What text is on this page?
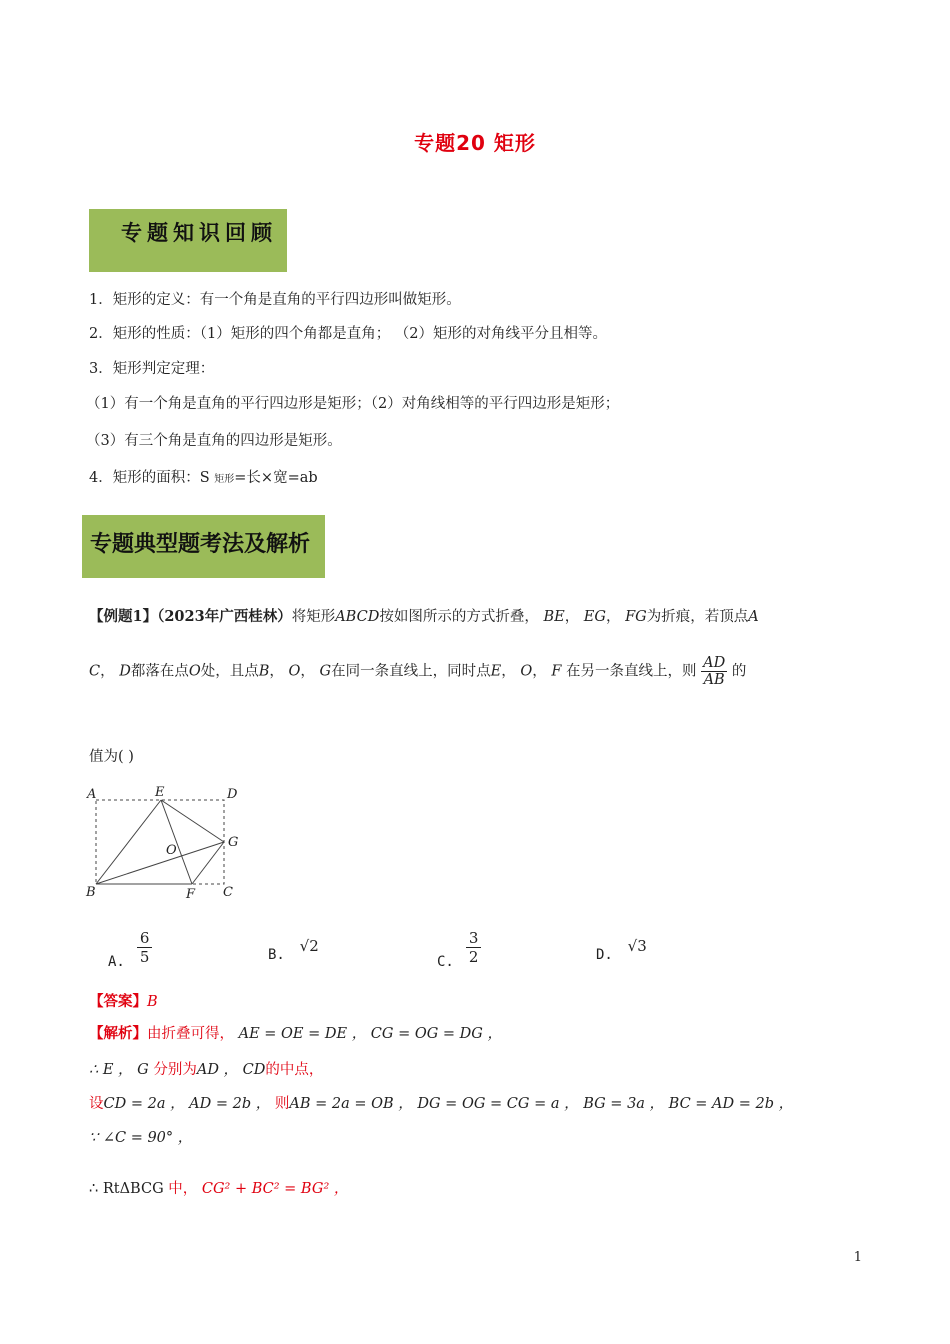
专题20 矩形
专题知识回顾
1．矩形的定义：有一个角是直角的平行四边形叫做矩形。
2．矩形的性质：（1）矩形的四个角都是直角； （2）矩形的对角线平分且相等。
3．矩形判定定理：
（1）有一个角是直角的平行四边形是矩形；（2）对角线相等的平行四边形是矩形；
（3）有三个角是直角的四边形是矩形。
4．矩形的面积：S 矩形=长×宽=ab
专题典型题考法及解析
【例题1】（2023年广西桂林）将矩形ABCD按如图所示的方式折叠， BE， EG， FG为折痕，若顶点A
C， D都落在点O处，且点B， O， G在同一条直线上，同时点E， O， F 在另一条直线上，则 $\frac{AD}{AB}$ 的
值为( )
A	E	D
G
O
B	F C
A. $\frac{6}{5}$	B. √2
C. $\frac{3}{2}$	D. √3
【答案】B
【解析】由折叠可得， AE = OE = DE ， CG = OG = DG ，
∴ E ， G 分别为AD ， CD的中点，
设CD = 2a ， AD = 2b ， 则AB = 2a = OB ， DG = OG = CG = a ， BG = 3a ， BC = AD = 2b ，
∵ ∠C = 90° ，
∴ RtΔBCG 中， CG² + BC² = BG² ，
1
